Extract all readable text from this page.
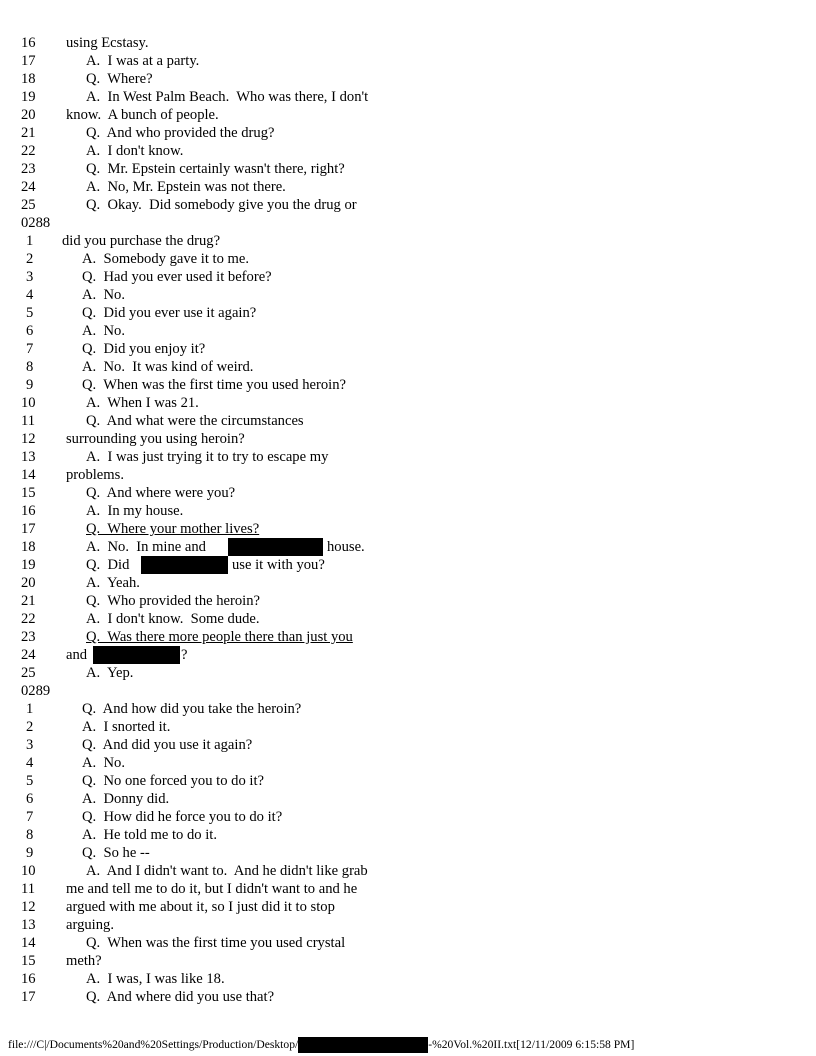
16 using Ecstasy.
17	A.  I was at a party.
18	Q.  Where?
19	A.  In West Palm Beach.  Who was there, I don't
20 know.  A bunch of people.
21	Q.  And who provided the drug?
22	A.  I don't know.
23	Q.  Mr. Epstein certainly wasn't there, right?
24	A.  No, Mr. Epstein was not there.
25	Q.  Okay.  Did somebody give you the drug or
0288
1 did you purchase the drug?
2	A.  Somebody gave it to me.
3	Q.  Had you ever used it before?
4	A.  No.
5	Q.  Did you ever use it again?
6	A.  No.
7	Q.  Did you enjoy it?
8	A.  No.  It was kind of weird.
9	Q.  When was the first time you used heroin?
10	A.  When I was 21.
11	Q.  And what were the circumstances
12 surrounding you using heroin?
13	A.  I was just trying it to try to escape my
14 problems.
15	Q.  And where were you?
16	A.  In my house.
17	Q.  Where your mother lives?
18	A.  No.  In mine and	house.
19	Q.  Did	use it with you?
20	A.  Yeah.
21	Q.  Who provided the heroin?
22	A.  I don't know.  Some dude.
23	Q.  Was there more people there than just you
24 and	?
25	A.  Yep.
0289
1	Q.  And how did you take the heroin?
2	A.  I snorted it.
3	Q.  And did you use it again?
4	A.  No.
5	Q.  No one forced you to do it?
6	A.  Donny did.
7	Q.  How did he force you to do it?
8	A.  He told me to do it.
9	Q.  So he --
10	A.  And I didn't want to.  And he didn't like grab
11 me and tell me to do it, but I didn't want to and he
12 argued with me about it, so I just did it to stop
13 arguing.
14	Q.  When was the first time you used crystal
15 meth?
16	A.  I was, I was like 18.
17	Q.  And where did you use that?
file:///C|/Documents%20and%20Settings/Production/Desktop/	-%20Vol.%20II.txt[12/11/2009 6:15:58 PM]
